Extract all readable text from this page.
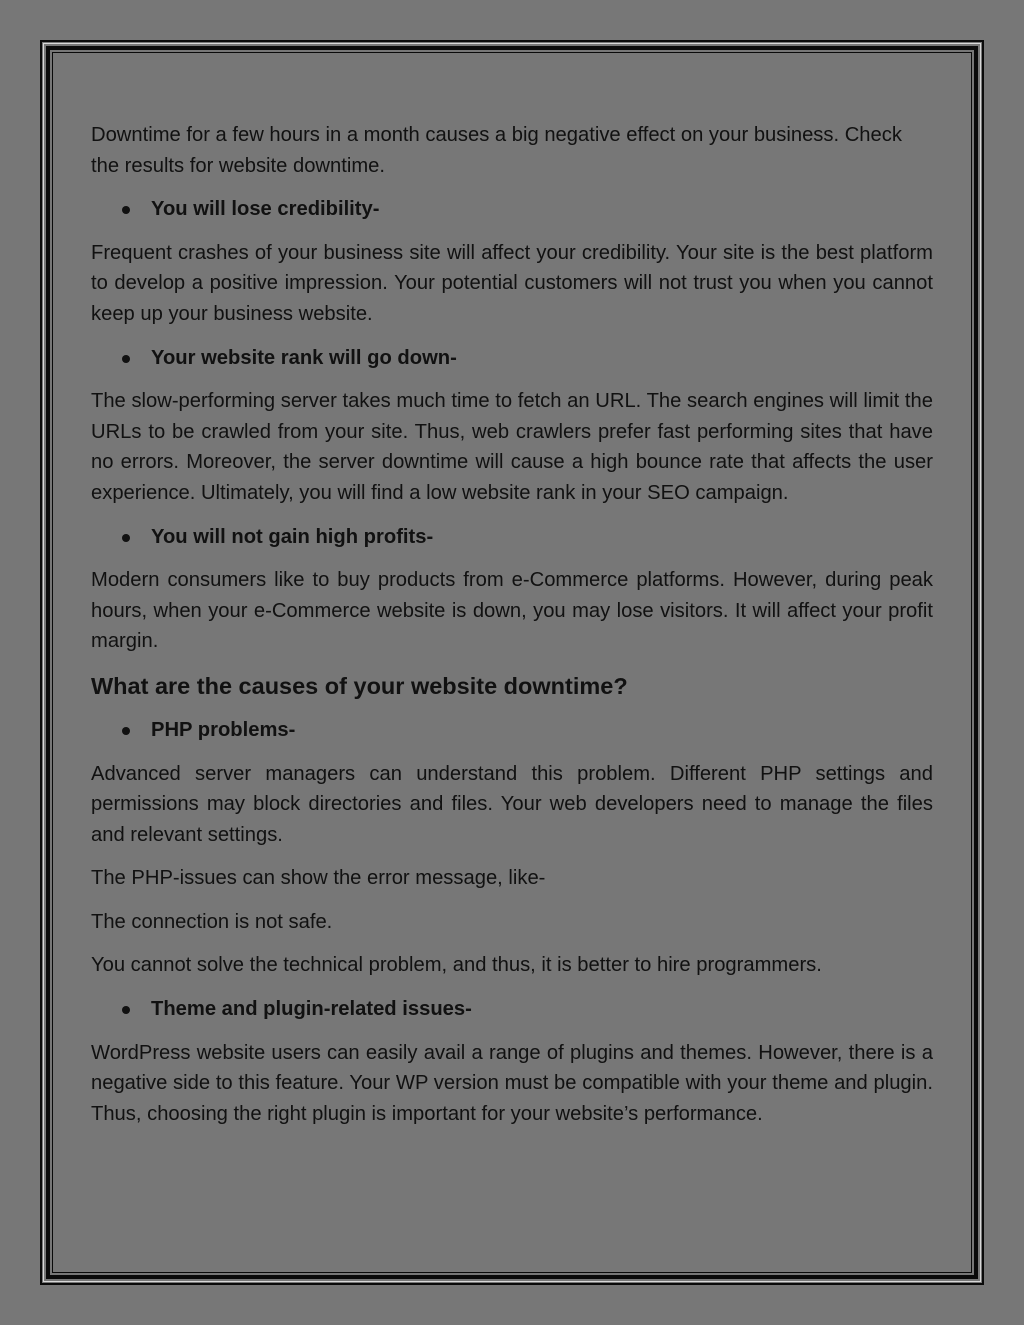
Downtime for a few hours in a month causes a big negative effect on your business. Check the results for website downtime.

You will lose credibility-

Frequent crashes of your business site will affect your credibility. Your site is the best platform to develop a positive impression. Your potential customers will not trust you when you cannot keep up your business website.

Your website rank will go down-

The slow-performing server takes much time to fetch an URL. The search engines will limit the URLs to be crawled from your site. Thus, web crawlers prefer fast performing sites that have no errors. Moreover, the server downtime will cause a high bounce rate that affects the user experience. Ultimately, you will find a low website rank in your SEO campaign.

You will not gain high profits-

Modern consumers like to buy products from e-Commerce platforms. However, during peak hours, when your e-Commerce website is down, you may lose visitors. It will affect your profit margin.

What are the causes of your website downtime?
PHP problems-

Advanced server managers can understand this problem. Different PHP settings and permissions may block directories and files. Your web developers need to manage the files and relevant settings.

The PHP-issues can show the error message, like-

The connection is not safe.

You cannot solve the technical problem, and thus, it is better to hire programmers.

Theme and plugin-related issues-

WordPress website users can easily avail a range of plugins and themes. However, there is a negative side to this feature. Your WP version must be compatible with your theme and plugin. Thus, choosing the right plugin is important for your website’s performance.
